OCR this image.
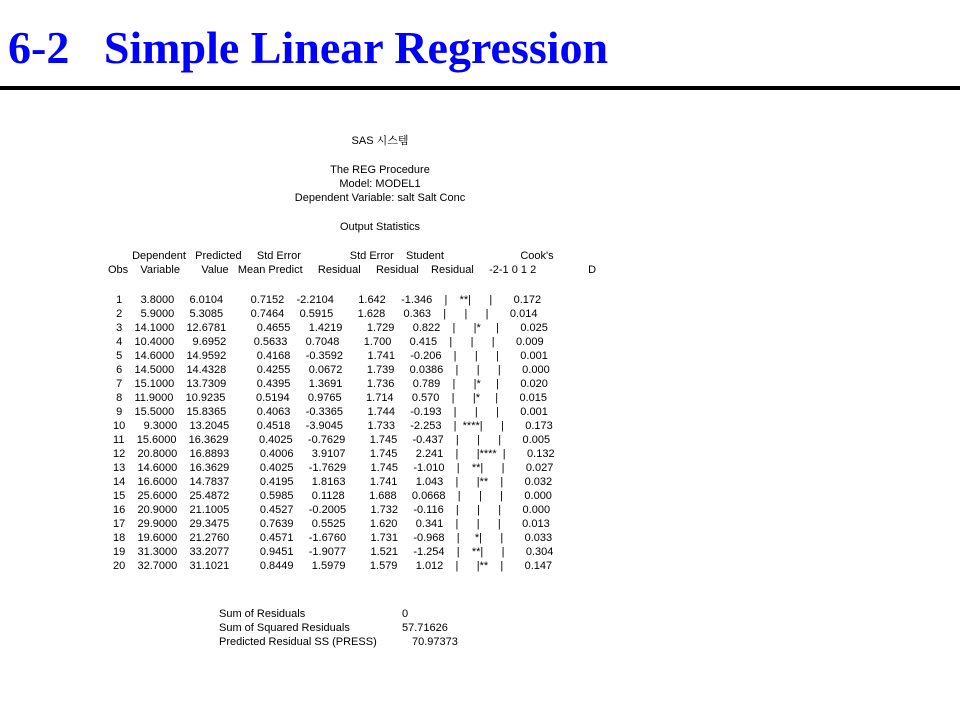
6-2   Simple Linear Regression
SAS 시스템
The REG Procedure
Model: MODEL1
Dependent Variable: salt Salt Conc
Output Statistics
Dependent   Predicted     Std Error                Std Error    Student                         Cook's
Obs    Variable       Value   Mean Predict     Residual     Residual    Residual     -2-1 0 1 2                 D
1      3.8000     6.0104         0.7152    -2.2104        1.642     -1.346    |    **|      |       0.172
2      5.9000     5.3085         0.7464     0.5915        1.628      0.363    |      |      |       0.014
3    14.1000    12.6781          0.4655      1.4219        1.729      0.822    |      |*     |       0.025
4    10.4000      9.6952         0.5633      0.7048        1.700      0.415    |      |      |       0.009
5    14.6000    14.9592          0.4168     -0.3592        1.741     -0.206    |      |      |       0.001
6    14.5000    14.4328          0.4255      0.0672        1.739     0.0386    |      |      |       0.000
7    15.1000    13.7309          0.4395      1.3691        1.736      0.789    |      |*     |       0.020
8    11.9000    10.9235          0.5194      0.9765        1.714      0.570    |      |*     |       0.015
9    15.5000    15.8365          0.4063     -0.3365        1.744     -0.193    |      |      |       0.001
10      9.3000    13.2045         0.4518     -3.9045        1.733     -2.253    |  ****|      |       0.173
11    15.6000    16.3629          0.4025     -0.7629        1.745     -0.437    |      |      |       0.005
12    20.8000    16.8893          0.4006      3.9107        1.745      2.241    |      |****  |       0.132
13    14.6000    16.3629          0.4025     -1.7629        1.745     -1.010    |    **|      |       0.027
14    16.6000    14.7837          0.4195      1.8163        1.741      1.043    |      |**    |       0.032
15    25.6000    25.4872          0.5985      0.1128        1.688     0.0668    |      |      |       0.000
16    20.9000    21.1005          0.4527     -0.2005        1.732     -0.116    |      |      |       0.000
17    29.9000    29.3475          0.7639      0.5525        1.620      0.341    |      |      |       0.013
18    19.6000    21.2760          0.4571     -1.6760        1.731     -0.968    |     *|      |       0.033
19    31.3000    33.2077          0.9451     -1.9077        1.521     -1.254    |    **|      |       0.304
20    32.7000    31.1021          0.8449      1.5979        1.579      1.012    |      |**    |       0.147
Sum of Residuals	0
Sum of Squared Residuals	57.71626
Predicted Residual SS (PRESS)	70.97373
